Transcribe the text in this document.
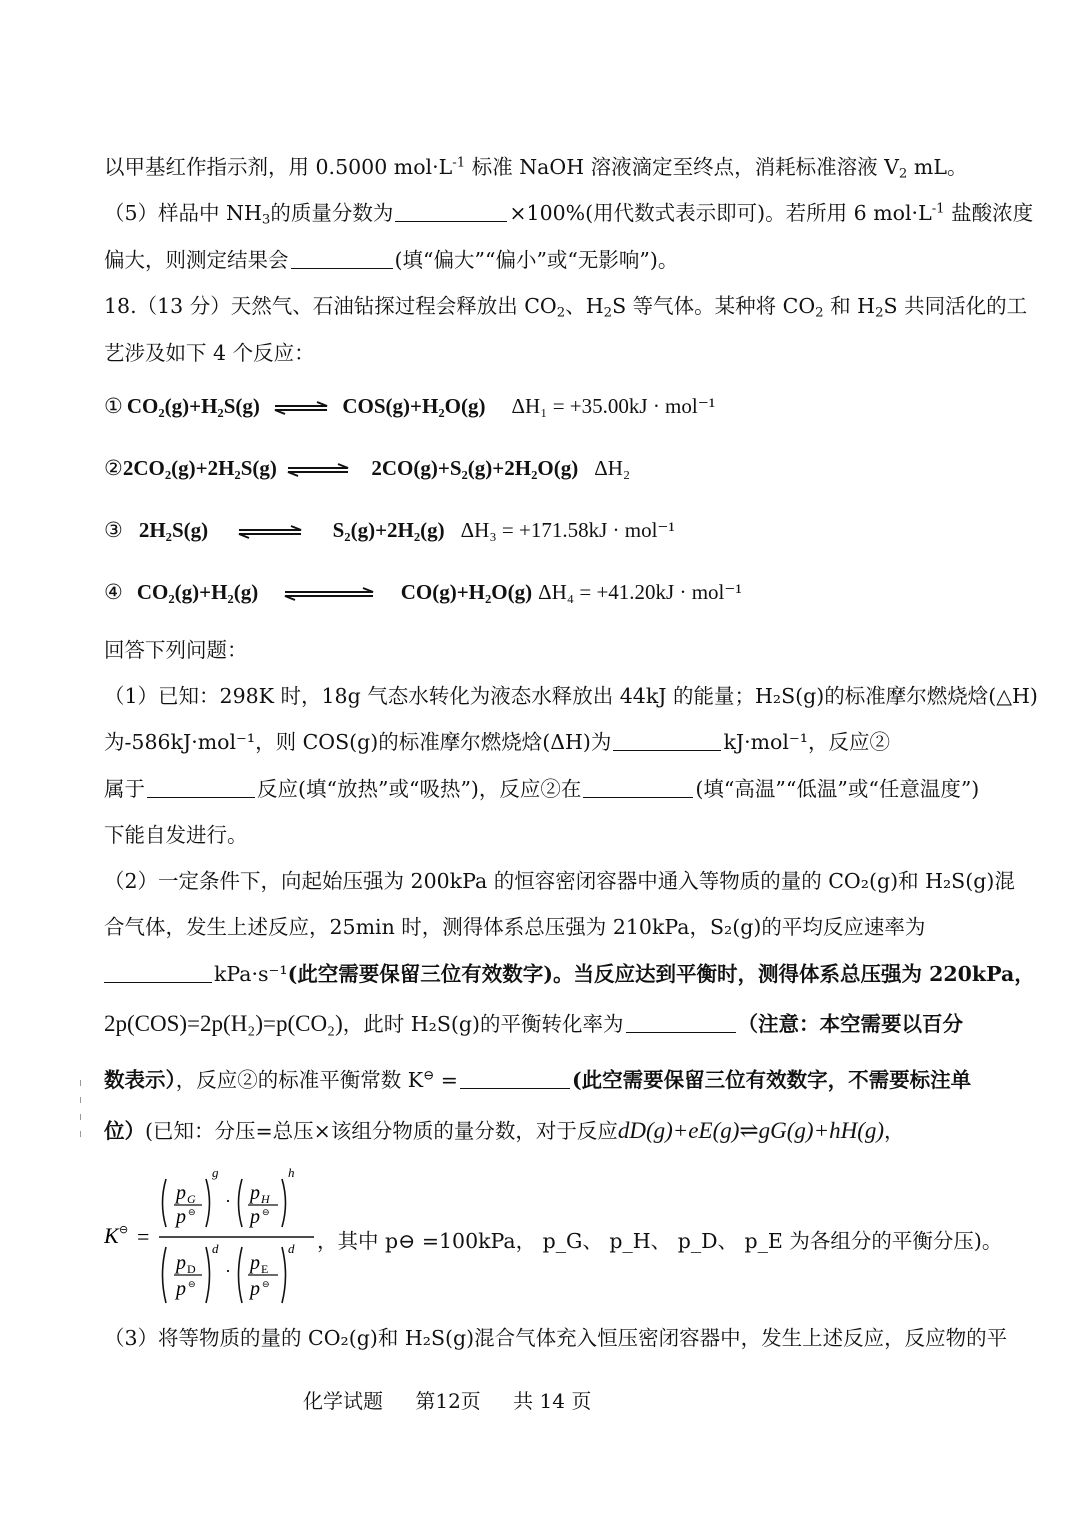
以甲基红作指示剂，用 0.5000 $mol\cdot L^{-1}$ 标准 NaOH 溶液滴定至终点，消耗标准溶液 $V_2$ mL。
（5）样品中 $NH_3$的质量分数为	×100%(用代数式表示即可)。若所用 6 $mol\cdot L^{-1}$ 盐酸浓度
偏大，则测定结果会	(填“偏大”“偏小”或“无影响”)。
18.（13 分）天然气、石油钻探过程会释放出 $CO_2$、$H_2S$ 等气体。某种将 $CO_2$ 和 $H_2S$ 共同活化的工
艺涉及如下 4 个反应：
① CO₂(g)+H₂S(g) ⇌ COS(g)+H₂O(g) ΔH₁ = +35.00kJ · mol⁻¹
②2CO₂(g)+2H₂S(g) ⇌ 2CO(g)+S₂(g)+2H₂O(g) ΔH₂
③ 2H₂S(g) ⇌ S₂(g)+2H₂(g) ΔH₃ = +171.58kJ · mol⁻¹
④ CO₂(g)+H₂(g)	CO(g)+H₂O(g) ΔH₄ = +41.20kJ · mol⁻¹
回答下列问题：
（1）已知：298K 时，18g 气态水转化为液态水释放出 44kJ 的能量；H₂S(g)的标准摩尔燃烧焓(△H)
为-586kJ·mol⁻¹，则 COS(g)的标准摩尔燃烧焓(ΔH)为	kJ·mol⁻¹，反应②
属于	反应(填“放热”或“吸热”)，反应②在	(填“高温”“低温”或“任意温度”)
下能自发进行。
（2）一定条件下，向起始压强为 200kPa 的恒容密闭容器中通入等物质的量的 CO₂(g)和 H₂S(g)混
合气体，发生上述反应，25min 时，测得体系总压强为 210kPa，S₂(g)的平均反应速率为
kPa·s⁻¹(此空需要保留三位有效数字)。当反应达到平衡时，测得体系总压强为 220kPa，
2p(COS)=2p(H₂)=p(CO₂)，此时 H₂S(g)的平衡转化率为	（注意：本空需要以百分
数表示），反应②的标准平衡常数 K⊖ =	(此空需要保留三位有效数字，不需要标注单
位）(已知：分压=总压×该组分物质的量分数，对于反应dD(g)+eE(g)⇌gG(g)+hH(g)，
K ⊖ =
p G
p ⊖
g
· p H
p ⊖
h
p D
p ⊖
d
· p E
p ⊖
d ，其中 p⊖ =100kPa， p_G、 p_H、 p_D、 p_E 为各组分的平衡分压)。
（3）将等物质的量的 CO₂(g)和 H₂S(g)混合气体充入恒压密闭容器中，发生上述反应，反应物的平
化学试题 第12页 共 14 页
